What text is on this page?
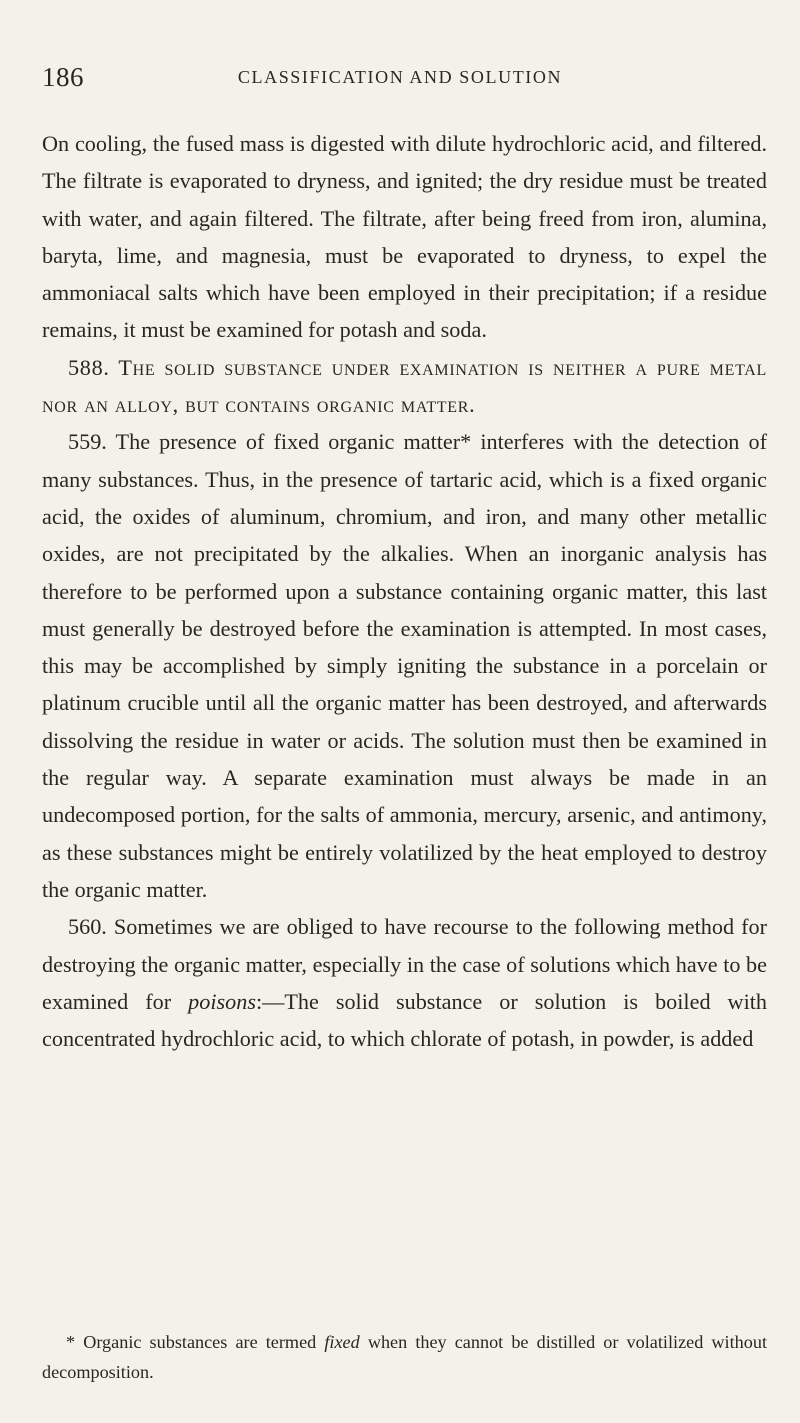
186	CLASSIFICATION AND SOLUTION

On cooling, the fused mass is digested with dilute hydrochloric acid, and filtered. The filtrate is evaporated to dryness, and ignited; the dry residue must be treated with water, and again filtered. The filtrate, after being freed from iron, alumina, baryta, lime, and magnesia, must be evaporated to dryness, to expel the ammoniacal salts which have been employed in their precipitation; if a residue remains, it must be examined for potash and soda.

588. The solid substance under examination is neither a pure metal nor an alloy, but contains organic matter.

559. The presence of fixed organic matter* interferes with the detection of many substances. Thus, in the presence of tartaric acid, which is a fixed organic acid, the oxides of aluminum, chromium, and iron, and many other metallic oxides, are not precipitated by the alkalies. When an inorganic analysis has therefore to be performed upon a substance containing organic matter, this last must generally be destroyed before the examination is attempted. In most cases, this may be accomplished by simply igniting the substance in a porcelain or platinum crucible until all the organic matter has been destroyed, and afterwards dissolving the residue in water or acids. The solution must then be examined in the regular way. A separate examination must always be made in an undecomposed portion, for the salts of ammonia, mercury, arsenic, and antimony, as these substances might be entirely volatilized by the heat employed to destroy the organic matter.

560. Sometimes we are obliged to have recourse to the following method for destroying the organic matter, especially in the case of solutions which have to be examined for poisons:—The solid substance or solution is boiled with concentrated hydrochloric acid, to which chlorate of potash, in powder, is added

* Organic substances are termed fixed when they cannot be distilled or volatilized without decomposition.
